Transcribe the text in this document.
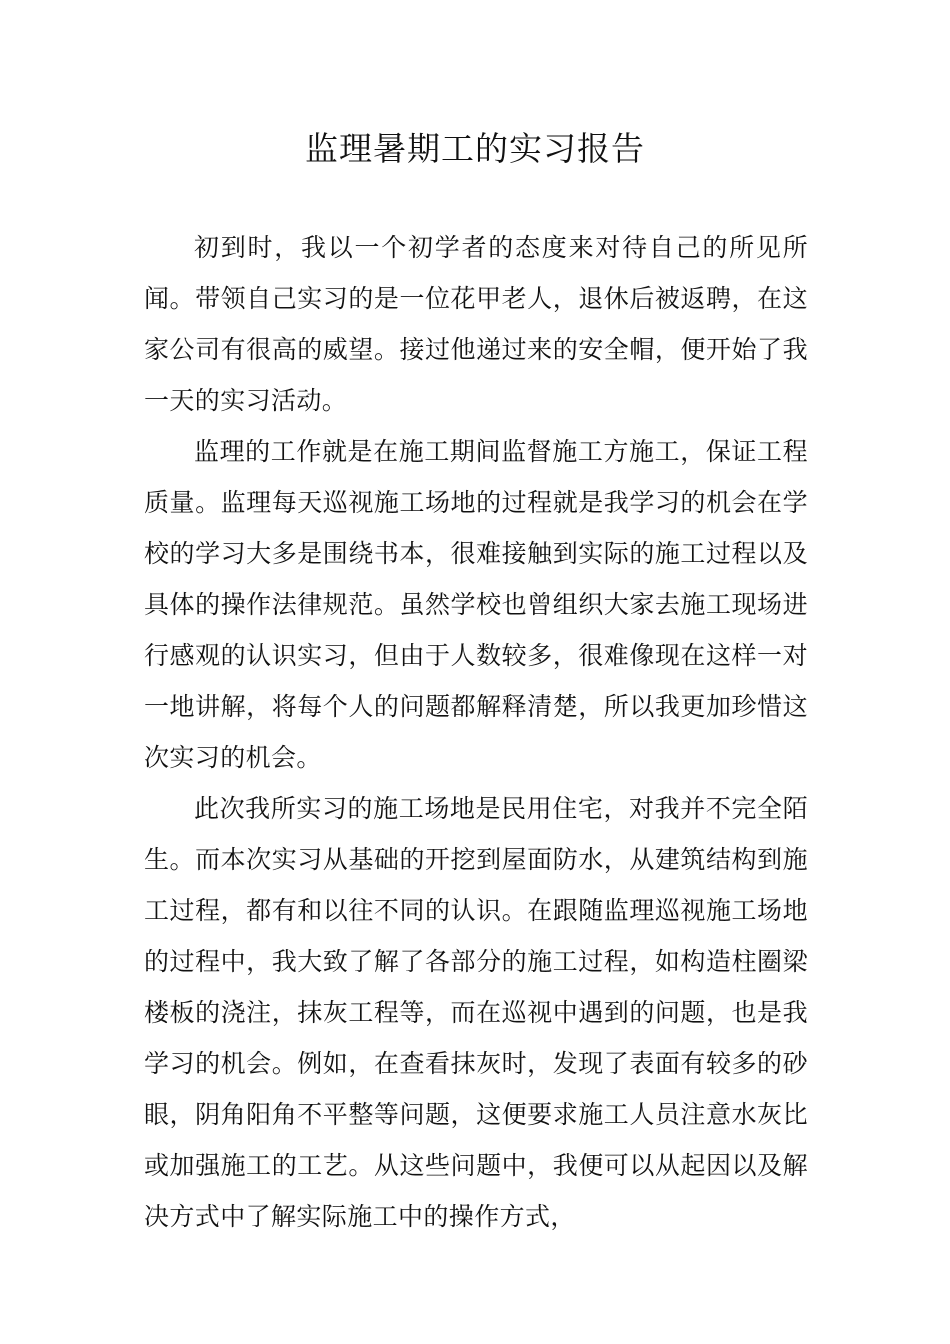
监理暑期工的实习报告

初到时，我以一个初学者的态度来对待自己的所见所闻。带领自己实习的是一位花甲老人，退休后被返聘，在这家公司有很高的威望。接过他递过来的安全帽，便开始了我一天的实习活动。

监理的工作就是在施工期间监督施工方施工，保证工程质量。监理每天巡视施工场地的过程就是我学习的机会在学校的学习大多是围绕书本，很难接触到实际的施工过程以及具体的操作法律规范。虽然学校也曾组织大家去施工现场进行感观的认识实习，但由于人数较多，很难像现在这样一对一地讲解，将每个人的问题都解释清楚，所以我更加珍惜这次实习的机会。

此次我所实习的施工场地是民用住宅，对我并不完全陌生。而本次实习从基础的开挖到屋面防水，从建筑结构到施工过程，都有和以往不同的认识。在跟随监理巡视施工场地的过程中，我大致了解了各部分的施工过程，如构造柱圈梁楼板的浇注，抹灰工程等，而在巡视中遇到的问题，也是我学习的机会。例如，在查看抹灰时，发现了表面有较多的砂眼，阴角阳角不平整等问题，这便要求施工人员注意水灰比或加强施工的工艺。从这些问题中，我便可以从起因以及解决方式中了解实际施工中的操作方式，
